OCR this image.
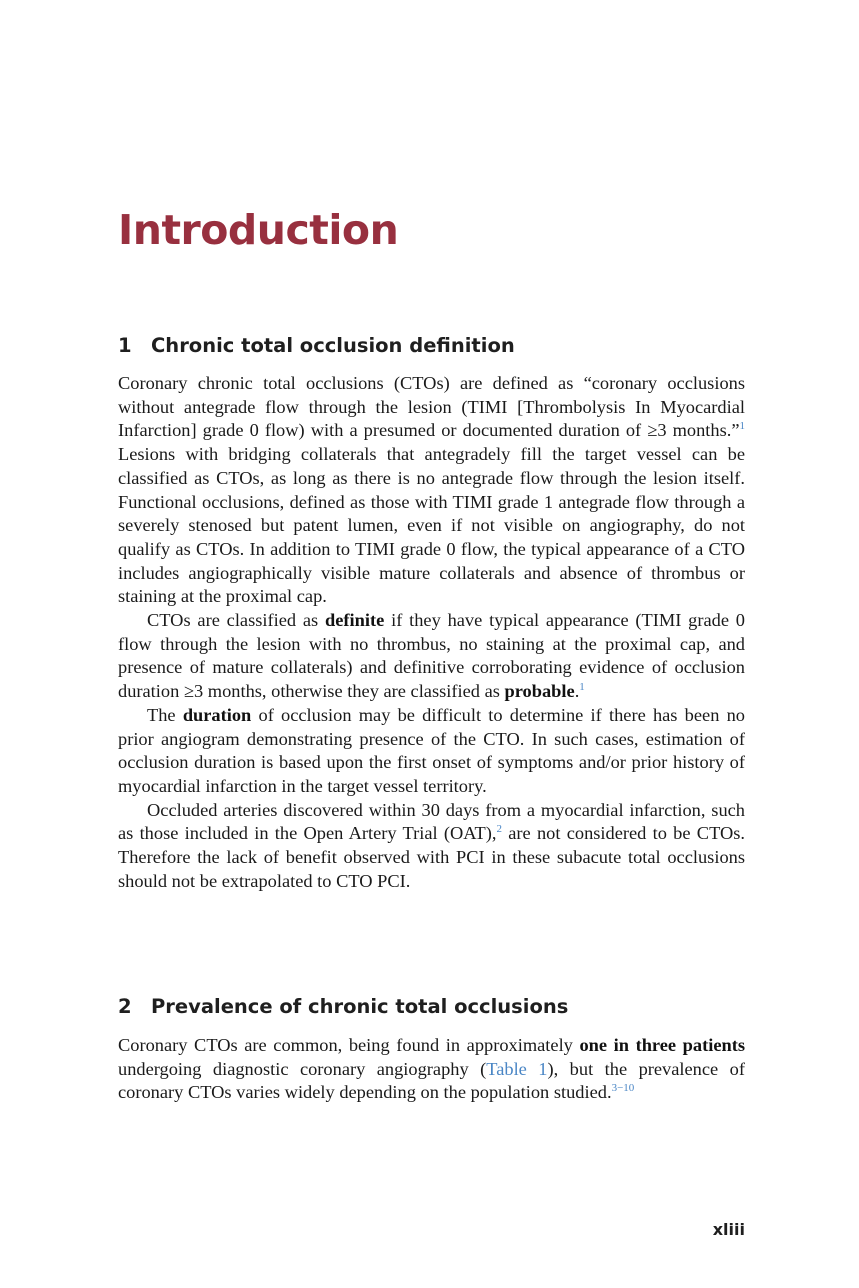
Introduction
1 Chronic total occlusion definition

Coronary chronic total occlusions (CTOs) are defined as “coronary occlusions without antegrade flow through the lesion (TIMI [Thrombolysis In Myocardial Infarction] grade 0 flow) with a presumed or documented duration of ≥3 months.”$^1$ Lesions with bridging collaterals that antegradely fill the target vessel can be classified as CTOs, as long as there is no antegrade flow through the lesion itself. Functional occlusions, defined as those with TIMI grade 1 antegrade flow through a severely stenosed but patent lumen, even if not visible on angiography, do not qualify as CTOs. In addition to TIMI grade 0 flow, the typical appearance of a CTO includes angiographically visible mature collaterals and absence of thrombus or staining at the proximal cap.

CTOs are classified as definite if they have typical appearance (TIMI grade 0 flow through the lesion with no thrombus, no staining at the proximal cap, and presence of mature collaterals) and definitive corroborating evidence of occlusion duration ≥3 months, otherwise they are classified as probable.$^1$

The duration of occlusion may be difficult to determine if there has been no prior angiogram demonstrating presence of the CTO. In such cases, estimation of occlusion duration is based upon the first onset of symptoms and/or prior history of myocardial infarction in the target vessel territory.

Occluded arteries discovered within 30 days from a myocardial infarction, such as those included in the Open Artery Trial (OAT),$^2$ are not considered to be CTOs. Therefore the lack of benefit observed with PCI in these subacute total occlusions should not be extrapolated to CTO PCI.

2 Prevalence of chronic total occlusions

Coronary CTOs are common, being found in approximately one in three patients undergoing diagnostic coronary angiography (Table 1), but the prevalence of coronary CTOs varies widely depending on the population studied.$^{3-10}$

xliii
